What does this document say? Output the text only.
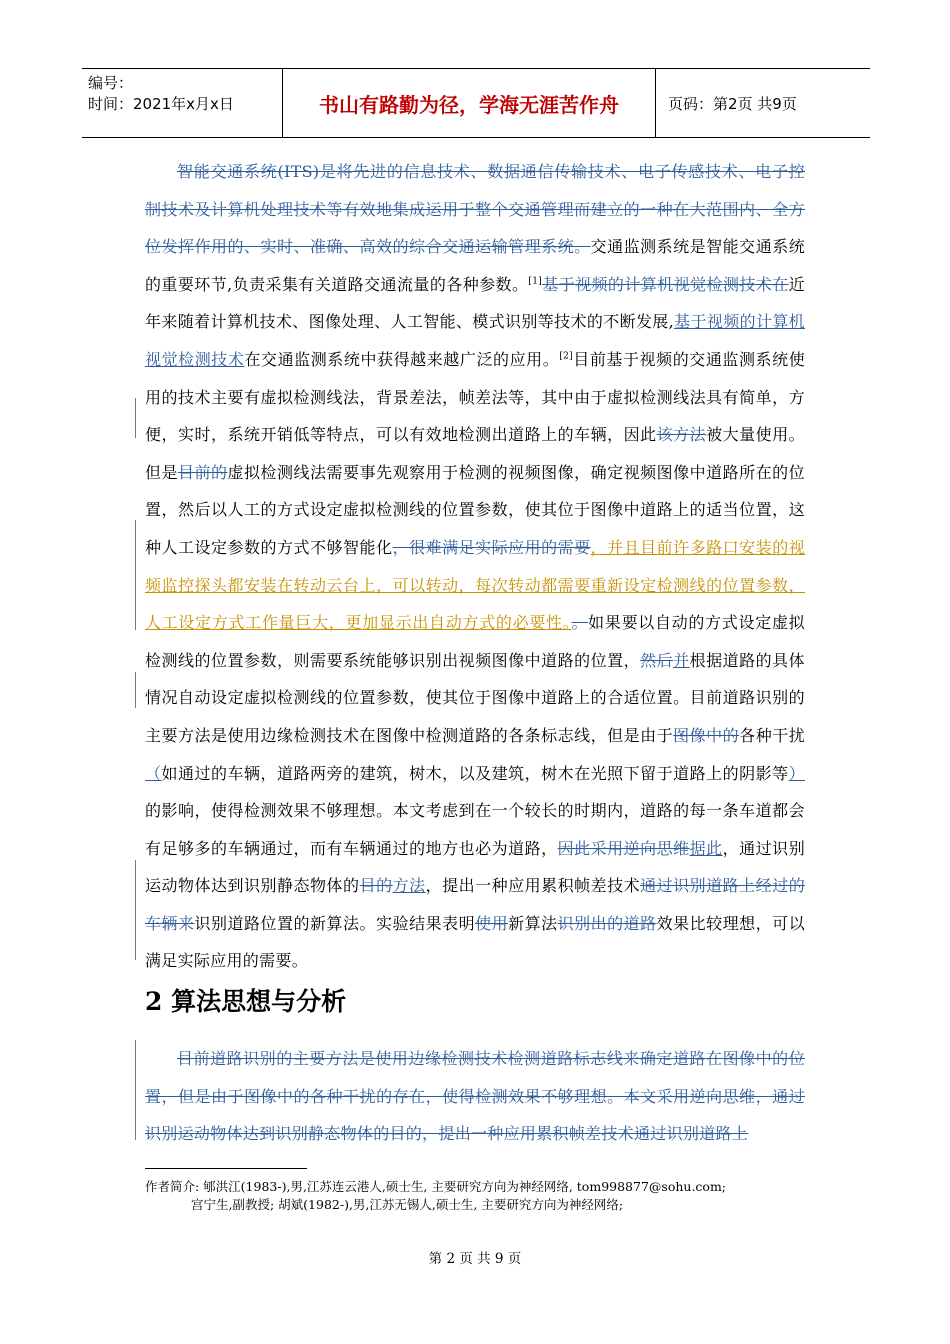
编号：
时间：2021年x月x日	书山有路勤为径，学海无涯苦作舟	页码：第2页 共9页

智能交通系统(ITS)是将先进的信息技术、数据通信传输技术、电子传感技术、电子控制技术及计算机处理技术等有效地集成运用于整个交通管理而建立的一种在大范围内、全方位发挥作用的、实时、准确、高效的综合交通运输管理系统。交通监测系统是智能交通系统的重要环节,负责采集有关道路交通流量的各种参数。[1]基于视频的计算机视觉检测技术在近年来随着计算机技术、图像处理、人工智能、模式识别等技术的不断发展,基于视频的计算机视觉检测技术在交通监测系统中获得越来越广泛的应用。[2]目前基于视频的交通监测系统使用的技术主要有虚拟检测线法，背景差法，帧差法等，其中由于虚拟检测线法具有简单，方便，实时，系统开销低等特点，可以有效地检测出道路上的车辆，因此该方法被大量使用。但是目前的虚拟检测线法需要事先观察用于检测的视频图像，确定视频图像中道路所在的位置，然后以人工的方式设定虚拟检测线的位置参数，使其位于图像中道路上的适当位置，这种人工设定参数的方式不够智能化，很难满足实际应用的需要，并且目前许多路口安装的视频监控探头都安装在转动云台上，可以转动，每次转动都需要重新设定检测线的位置参数，人工设定方式工作量巨大，更加显示出自动方式的必要性。。如果要以自动的方式设定虚拟检测线的位置参数，则需要系统能够识别出视频图像中道路的位置，然后并根据道路的具体情况自动设定虚拟检测线的位置参数，使其位于图像中道路上的合适位置。目前道路识别的主要方法是使用边缘检测技术在图像中检测道路的各条标志线，但是由于图像中的各种干扰（如通过的车辆，道路两旁的建筑，树木，以及建筑，树木在光照下留于道路上的阴影等）的影响，使得检测效果不够理想。本文考虑到在一个较长的时期内，道路的每一条车道都会有足够多的车辆通过，而有车辆通过的地方也必为道路，因此采用逆向思维据此，通过识别运动物体达到识别静态物体的目的方法，提出一种应用累积帧差技术通过识别道路上经过的车辆来识别道路位置的新算法。实验结果表明使用新算法识别出的道路效果比较理想，可以满足实际应用的需要。

2 算法思想与分析

目前道路识别的主要方法是使用边缘检测技术检测道路标志线来确定道路在图像中的位置，但是由于图像中的各种干扰的存在，使得检测效果不够理想。本文采用逆向思维，通过识别运动物体达到识别静态物体的目的，提出一种应用累积帧差技术通过识别道路上

作者简介: 郇洪江(1983-),男,江苏连云港人,硕士生, 主要研究方向为神经网络, tom998877@sohu.com;
宫宁生,副教授; 胡斌(1982-),男,江苏无锡人,硕士生, 主要研究方向为神经网络;
第 2 页 共 9 页
